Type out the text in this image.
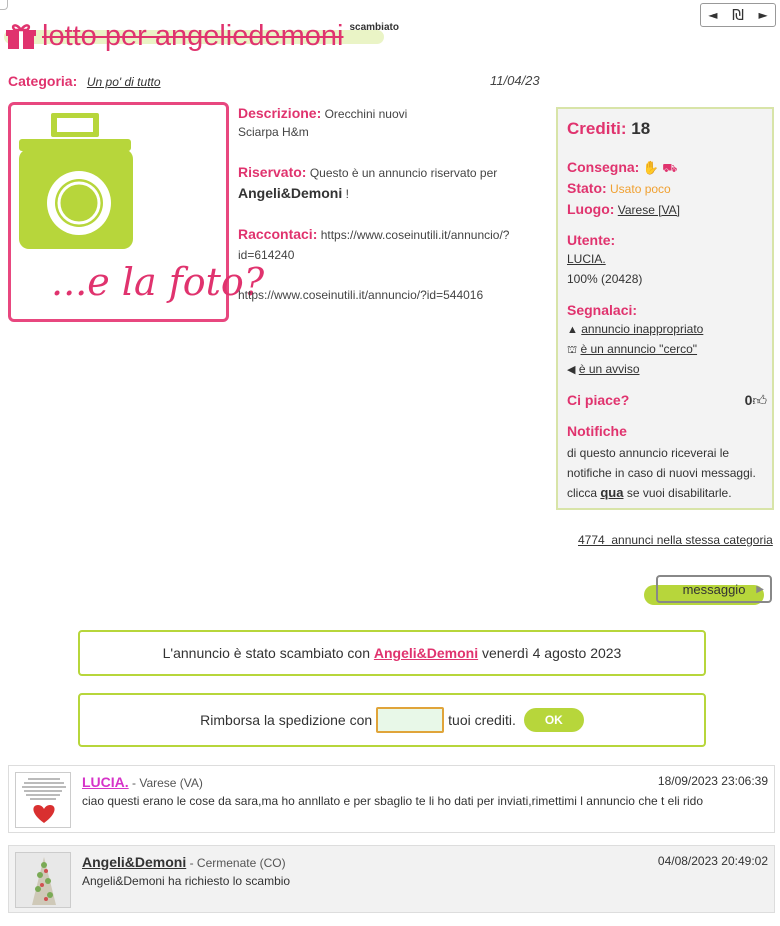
◄ ₪ ►
lotto per angeliedemoni scambiato
Categoria: Un po' di tutto	11/04/23
...e la foto?
Descrizione: Orecchini nuovi
Sciarpa H&m
Riservato: Questo è un annuncio riservato per
Angeli&Demoni !
Raccontaci: https://www.coseinutili.it/annuncio/?
id=614240
https://www.coseinutili.it/annuncio/?id=544016
Crediti: 18
Consegna: ✋ ⛟
Stato: Usato poco
Luogo: Varese [VA]
Utente:
LUCIA.
100% (20428)
Segnalaci:
▲ annuncio inappropriato
⛫ è un annuncio "cerco"
◀ è un avviso
Ci piace?	0👍︎
Notifiche
di questo annuncio riceverai le
notifiche in caso di nuovi messaggi.
clicca qua se vuoi disabilitarle.
4774  annunci nella stessa categoria
messaggio ▶
L'annuncio è stato scambiato con
Angeli&Demoni
venerdì 4 agosto 2023
Rimborsa la spedizione con	tuoi crediti.	OK
LUCIA. - Varese (VA)	18/09/2023 23:06:39
ciao questi erano le cose da sara,ma ho annllato e per sbaglio te li ho dati per inviati,rimettimi l annuncio che t eli rido
Angeli&Demoni - Cermenate (CO)	04/08/2023 20:49:02
Angeli&Demoni ha richiesto lo scambio
